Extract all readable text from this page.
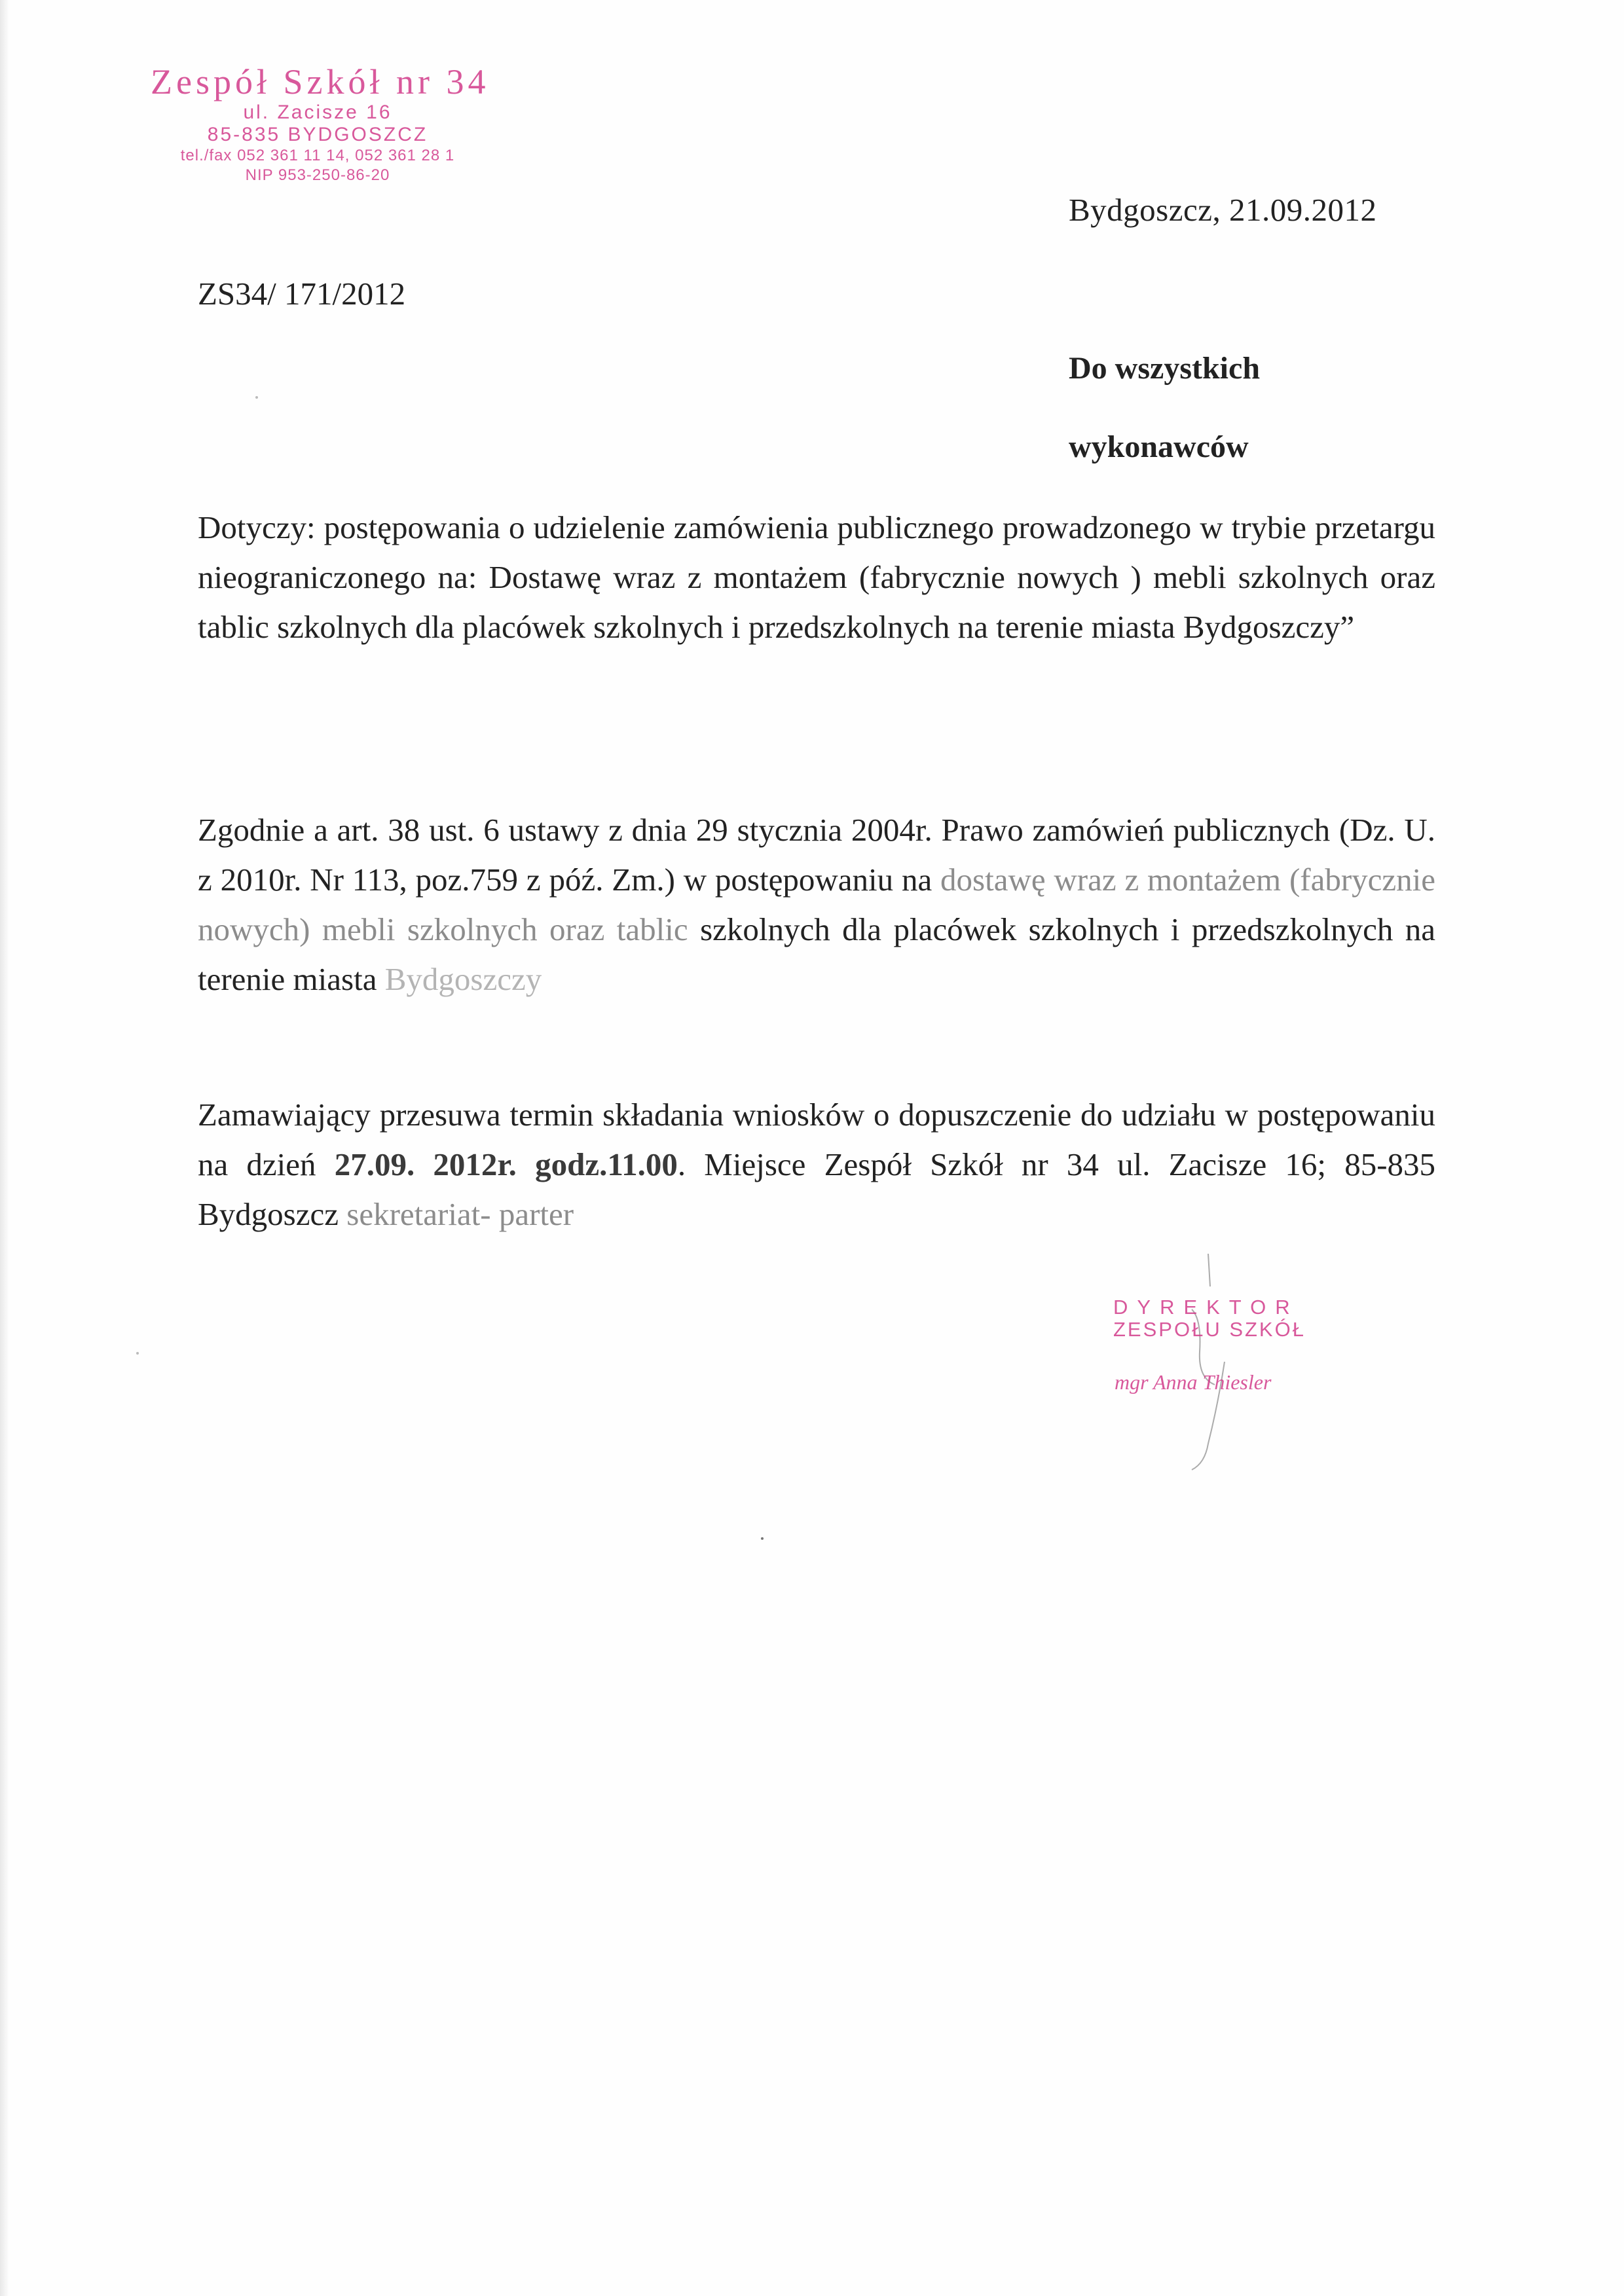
Zespół Szkół nr 34
ul. Zacisze 16
85-835 BYDGOSZCZ
tel./fax 052 361 11 14, 052 361 28 1
NIP 953-250-86-20
Bydgoszcz, 21.09.2012
ZS34/ 171/2012
Do wszystkich
wykonawców
Dotyczy: postępowania o udzielenie zamówienia publicznego prowadzonego w trybie przetargu nieograniczonego na: Dostawę wraz z montażem (fabrycznie nowych ) mebli szkolnych oraz tablic szkolnych dla placówek szkolnych i przedszkolnych na terenie miasta Bydgoszczy”
Zgodnie a art. 38 ust. 6 ustawy z dnia 29 stycznia 2004r. Prawo zamówień publicznych (Dz. U. z 2010r. Nr 113, poz.759 z póź. Zm.) w postępowaniu na dostawę wraz z montażem (fabrycznie nowych) mebli szkolnych oraz tablic szkolnych dla placówek szkolnych i przedszkolnych na terenie miasta Bydgoszczy
Zamawiający przesuwa termin składania wniosków o dopuszczenie do udziału w postępowaniu na dzień 27.09. 2012r. godz.11.00. Miejsce Zespół Szkół nr 34 ul. Zacisze 16; 85-835 Bydgoszcz sekretariat- parter
DYREKTOR
ZESPOŁU SZKÓŁ
mgr Anna Thiesler
